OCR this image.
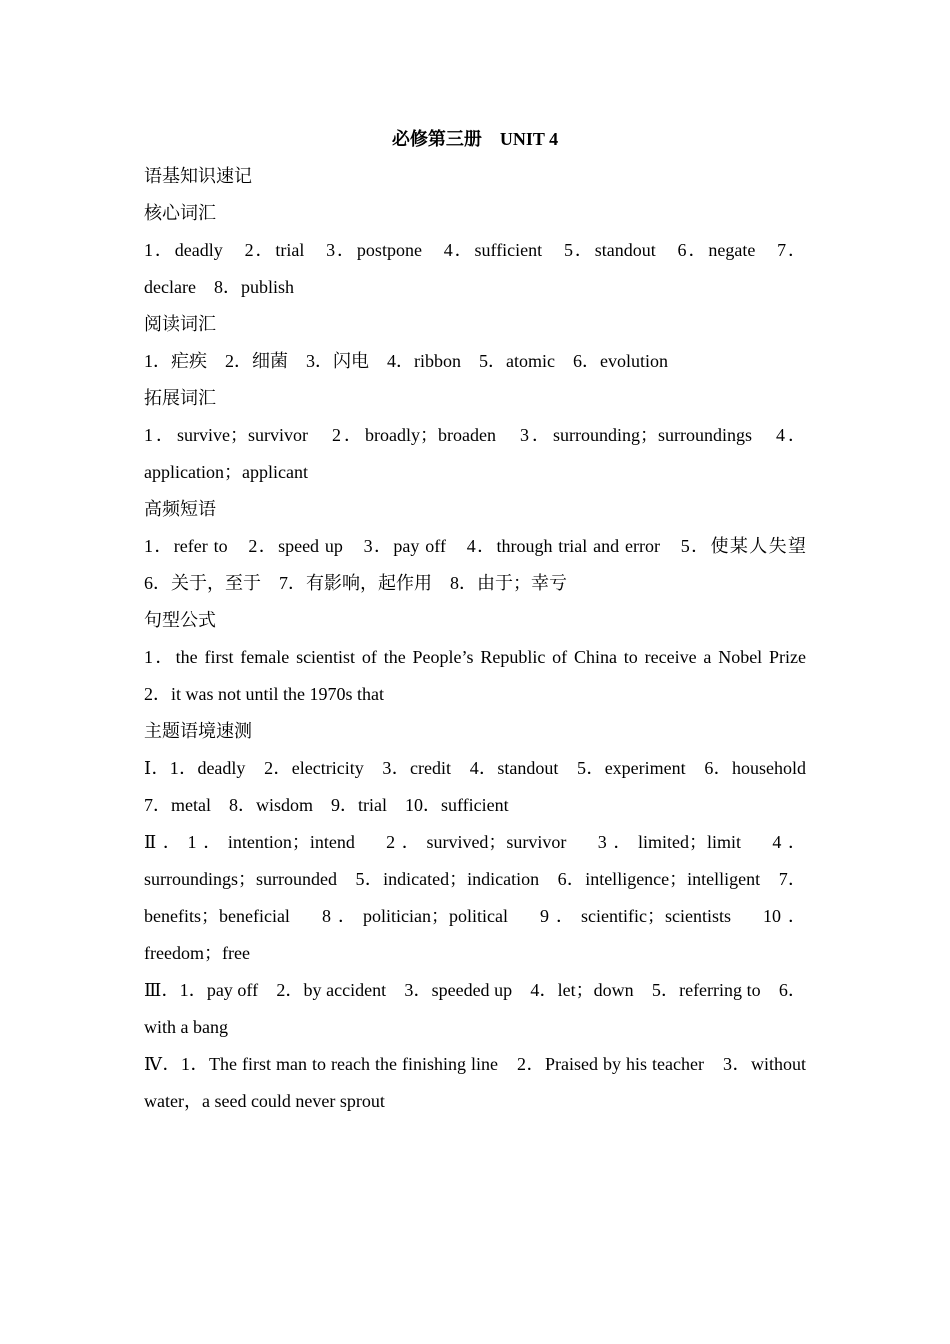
必修第三册　UNIT 4
语基知识速记
核心词汇
1．deadly　2．trial　3．postpone　4．sufficient　5．standout　6．negate　7．declare　8．publish
阅读词汇
1．疟疾　2．细菌　3．闪电　4．ribbon　5．atomic　6．evolution
拓展词汇
1．survive；survivor　2．broadly；broaden　3．surrounding；surroundings　4．application；applicant
高频短语
1．refer to　2．speed up　3．pay off　4．through trial and error　5．使某人失望　6．关于，至于　7．有影响，起作用　8．由于；幸亏
句型公式
1．the first female scientist of the People’s Republic of China to receive a Nobel Prize　2．it was not until the 1970s that
主题语境速测
Ⅰ．1．deadly　2．electricity　3．credit　4．standout　5．experiment　6．household　7．metal　8．wisdom　9．trial　10．sufficient
Ⅱ．1．intention；intend　2．survived；survivor　3．limited；limit　4．surroundings；surrounded　5．indicated；indication　6．intelligence；intelligent　7．benefits；beneficial　8．politician；political　9．scientific；scientists　10．freedom；free
Ⅲ．1．pay off　2．by accident　3．speeded up　4．let；down　5．referring to　6．with a bang
Ⅳ．1．The first man to reach the finishing line　2．Praised by his teacher　3．without water，a seed could never sprout
